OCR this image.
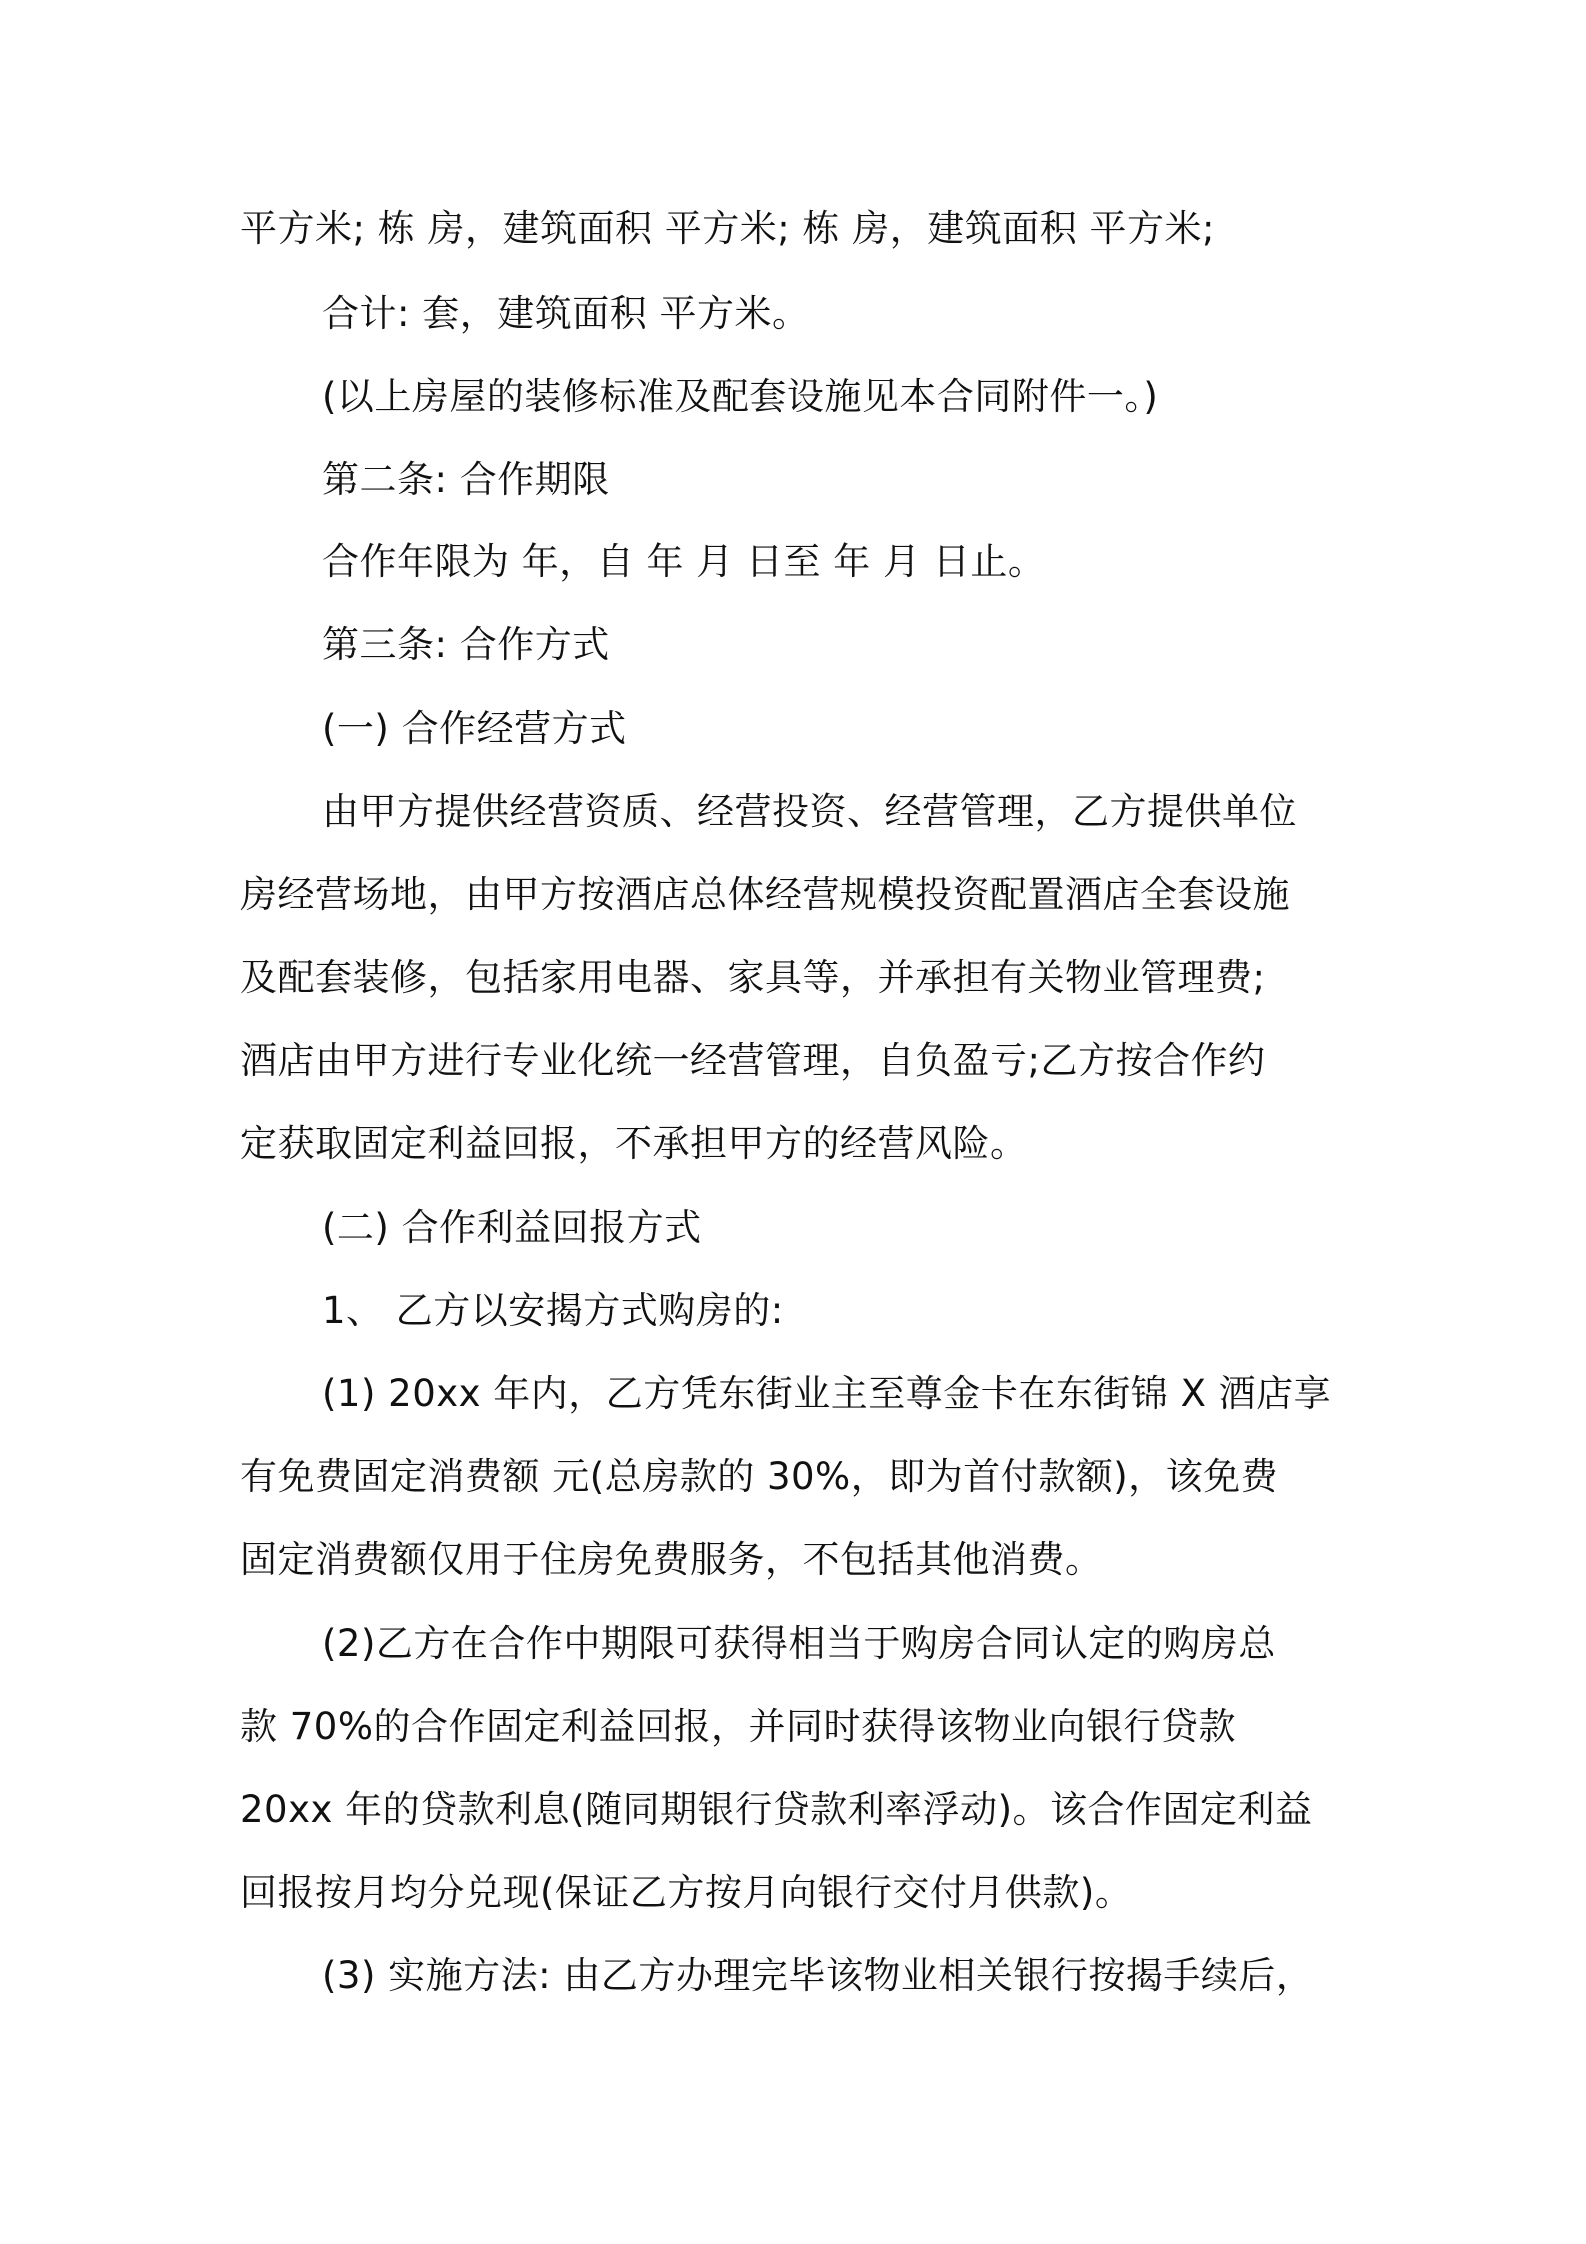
平方米; 栋 房，建筑面积 平方米; 栋 房，建筑面积 平方米;
合计: 套，建筑面积 平方米。
(以上房屋的装修标准及配套设施见本合同附件一。)
第二条: 合作期限
合作年限为 年，自 年 月 日至 年 月 日止。
第三条: 合作方式
(一) 合作经营方式
由甲方提供经营资质、经营投资、经营管理，乙方提供单位
房经营场地，由甲方按酒店总体经营规模投资配置酒店全套设施
及配套装修，包括家用电器、家具等，并承担有关物业管理费;
酒店由甲方进行专业化统一经营管理，自负盈亏;乙方按合作约
定获取固定利益回报，不承担甲方的经营风险。
(二) 合作利益回报方式
1、 乙方以安揭方式购房的:
(1) 20xx 年内，乙方凭东街业主至尊金卡在东街锦 X 酒店享
有免费固定消费额 元(总房款的 30%，即为首付款额)，该免费
固定消费额仅用于住房免费服务，不包括其他消费。
(2)乙方在合作中期限可获得相当于购房合同认定的购房总
款 70%的合作固定利益回报，并同时获得该物业向银行贷款
20xx 年的贷款利息(随同期银行贷款利率浮动)。该合作固定利益
回报按月均分兑现(保证乙方按月向银行交付月供款)。
(3) 实施方法: 由乙方办理完毕该物业相关银行按揭手续后，
